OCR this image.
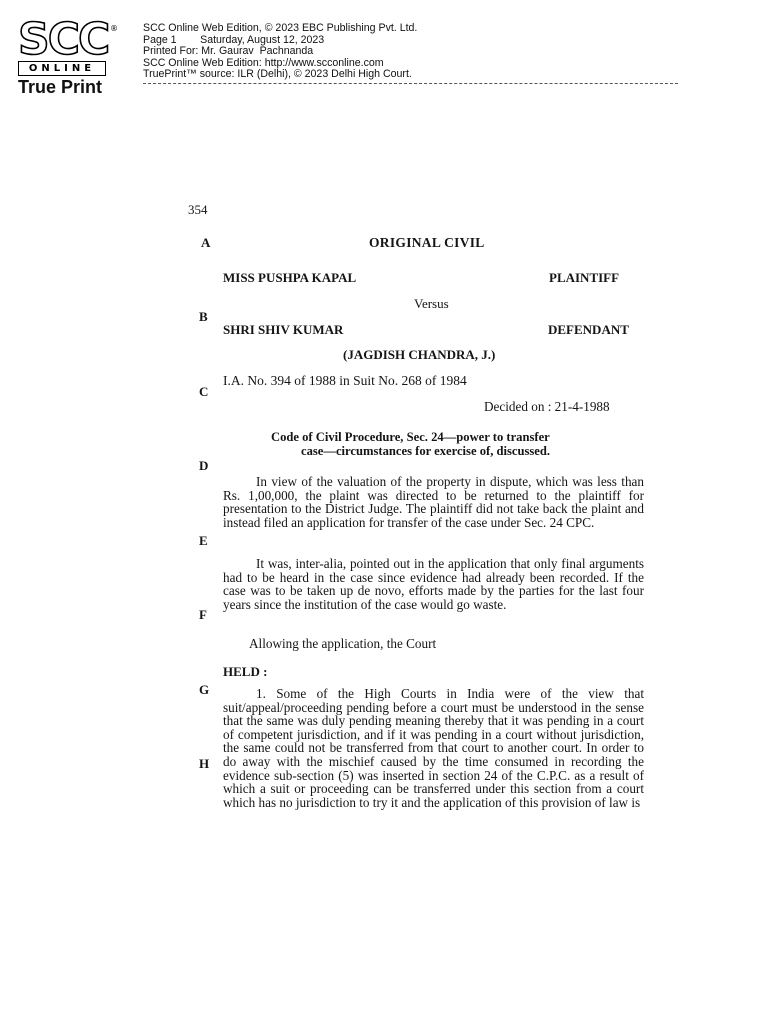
SCC ®
ONLINE
True Print
SCC Online Web Edition, © 2023 EBC Publishing Pvt. Ltd.
Page 1        Saturday, August 12, 2023
Printed For: Mr. Gaurav  Pachnanda
SCC Online Web Edition: http://www.scconline.com
TruePrint™ source: ILR (Delhi), © 2023 Delhi High Court.
354
A
B
C
D
E
F
G
H
ORIGINAL CIVIL
MISS PUSHPA KAPAL	PLAINTIFF
Versus
SHRI SHIV KUMAR	DEFENDANT
(JAGDISH CHANDRA, J.)
I.A. No. 394 of 1988 in Suit No. 268 of 1984
Decided on : 21-4-1988
Code of Civil Procedure, Sec. 24—power to transfer
case—circumstances for exercise of, discussed.
In view of the valuation of the property in dispute, which was less than Rs. 1,00,000, the plaint was directed to be returned to the plaintiff for presentation to the District Judge. The plaintiff did not take back the plaint and instead filed an application for transfer of the case under Sec. 24 CPC.
It was, inter-alia, pointed out in the application that only final arguments had to be heard in the case since evidence had already been recorded. If the case was to be taken up de novo, efforts made by the parties for the last four years since the institution of the case would go waste.
Allowing the application, the Court
HELD :
1. Some of the High Courts in India were of the view that suit/appeal/proceeding pending before a court must be understood in the sense that the same was duly pending meaning thereby that it was pending in a court of competent jurisdiction, and if it was pending in a court without jurisdiction, the same could not be transferred from that court to another court. In order to do away with the mischief caused by the time consumed in recording the evidence sub-section (5) was inserted in section 24 of the C.P.C. as a result of which a suit or proceeding can be transferred under this section from a court which has no jurisdiction to try it and the application of this provision of law is
